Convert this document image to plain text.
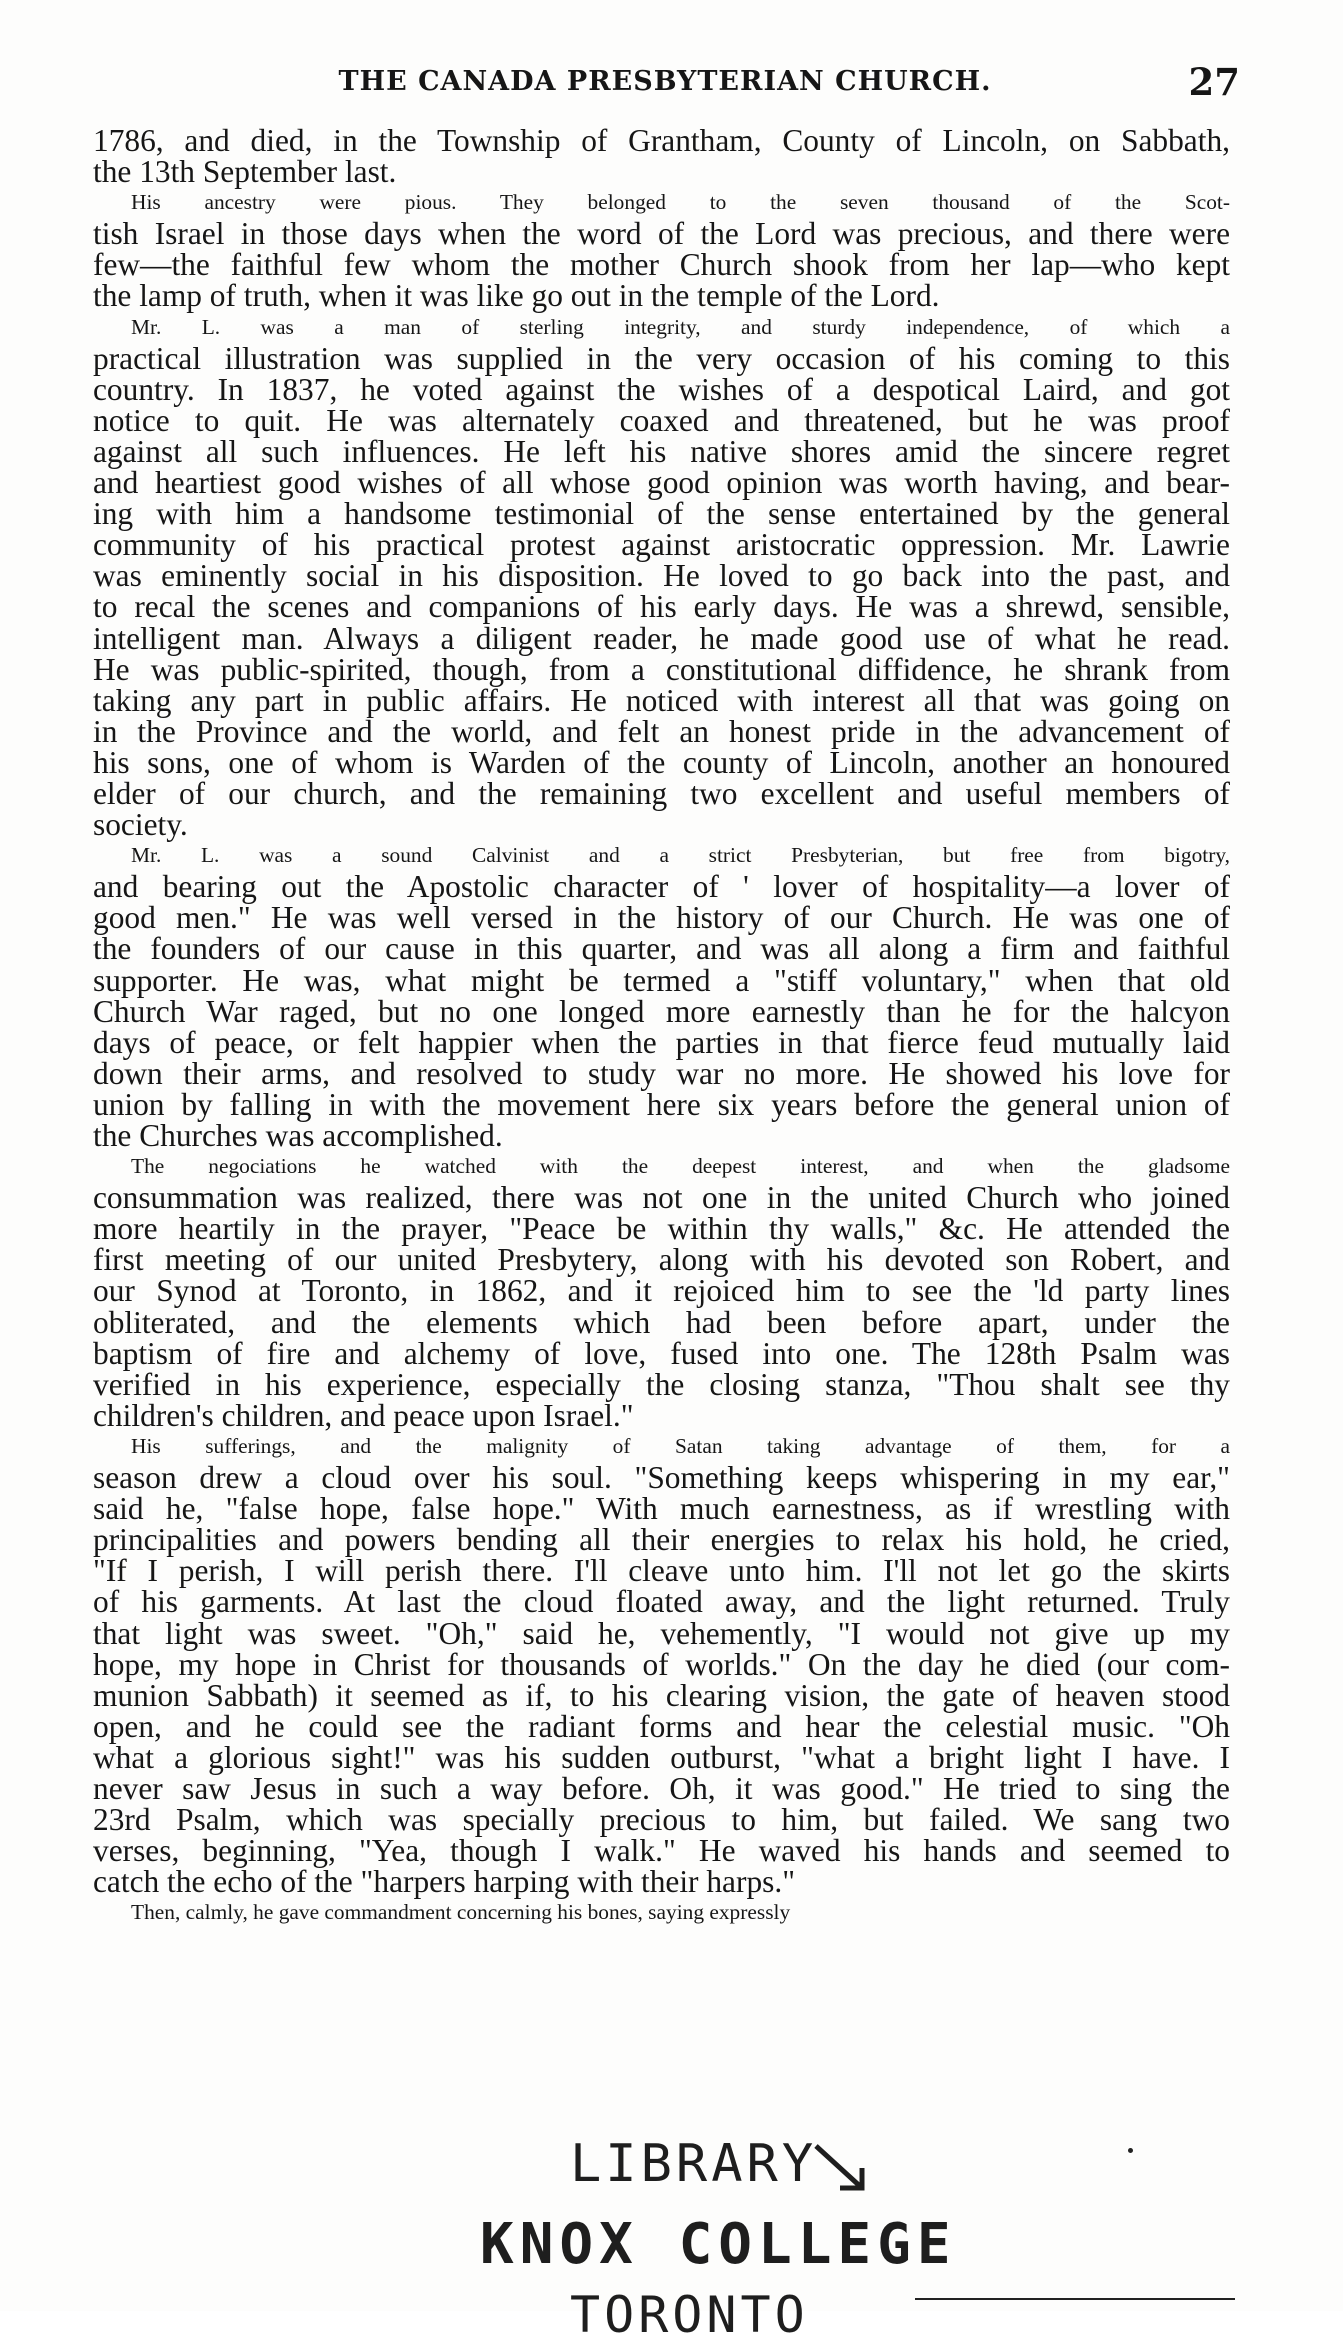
THE CANADA PRESBYTERIAN CHURCH.	27

1786, and died, in the Township of Grantham, County of Lincoln, on Sabbath,
the 13th September last.

His ancestry were pious. They belonged to the seven thousand of the Scot-
tish Israel in those days when the word of the Lord was precious, and there were
few—the faithful few whom the mother Church shook from her lap—who kept
the lamp of truth, when it was like go out in the temple of the Lord.

Mr. L. was a man of sterling integrity, and sturdy independence, of which a
practical illustration was supplied in the very occasion of his coming to this
country. In 1837, he voted against the wishes of a despotical Laird, and got
notice to quit. He was alternately coaxed and threatened, but he was proof
against all such influences. He left his native shores amid the sincere regret
and heartiest good wishes of all whose good opinion was worth having, and bear-
ing with him a handsome testimonial of the sense entertained by the general
community of his practical protest against aristocratic oppression. Mr. Lawrie
was eminently social in his disposition. He loved to go back into the past, and
to recal the scenes and companions of his early days. He was a shrewd, sensible,
intelligent man. Always a diligent reader, he made good use of what he read.
He was public-spirited, though, from a constitutional diffidence, he shrank from
taking any part in public affairs. He noticed with interest all that was going on
in the Province and the world, and felt an honest pride in the advancement of
his sons, one of whom is Warden of the county of Lincoln, another an honoured
elder of our church, and the remaining two excellent and useful members of
society.

Mr. L. was a sound Calvinist and a strict Presbyterian, but free from bigotry,
and bearing out the Apostolic character of ' lover of hospitality—a lover of
good men." He was well versed in the history of our Church. He was one of
the founders of our cause in this quarter, and was all along a firm and faithful
supporter. He was, what might be termed a "stiff voluntary," when that old
Church War raged, but no one longed more earnestly than he for the halcyon
days of peace, or felt happier when the parties in that fierce feud mutually laid
down their arms, and resolved to study war no more. He showed his love for
union by falling in with the movement here six years before the general union of
the Churches was accomplished.

The negociations he watched with the deepest interest, and when the gladsome
consummation was realized, there was not one in the united Church who joined
more heartily in the prayer, "Peace be within thy walls," &c. He attended the
first meeting of our united Presbytery, along with his devoted son Robert, and
our Synod at Toronto, in 1862, and it rejoiced him to see the 'ld party lines
obliterated, and the elements which had been before apart, under the
baptism of fire and alchemy of love, fused into one. The 128th Psalm was
verified in his experience, especially the closing stanza, "Thou shalt see thy
children's children, and peace upon Israel."

His sufferings, and the malignity of Satan taking advantage of them, for a
season drew a cloud over his soul. "Something keeps whispering in my ear,"
said he, "false hope, false hope." With much earnestness, as if wrestling with
principalities and powers bending all their energies to relax his hold, he cried,
"If I perish, I will perish there. I'll cleave unto him. I'll not let go the skirts
of his garments. At last the cloud floated away, and the light returned. Truly
that light was sweet. "Oh," said he, vehemently, "I would not give up my
hope, my hope in Christ for thousands of worlds." On the day he died (our com-
munion Sabbath) it seemed as if, to his clearing vision, the gate of heaven stood
open, and he could see the radiant forms and hear the celestial music. "Oh
what a glorious sight!" was his sudden outburst, "what a bright light I have. I
never saw Jesus in such a way before. Oh, it was good." He tried to sing the
23rd Psalm, which was specially precious to him, but failed. We sang two
verses, beginning, "Yea, though I walk." He waved his hands and seemed to
catch the echo of the "harpers harping with their harps."

Then, calmly, he gave commandment concerning his bones, saying expressly

LIBRARY
KNOX COLLEGE
TORONTO
